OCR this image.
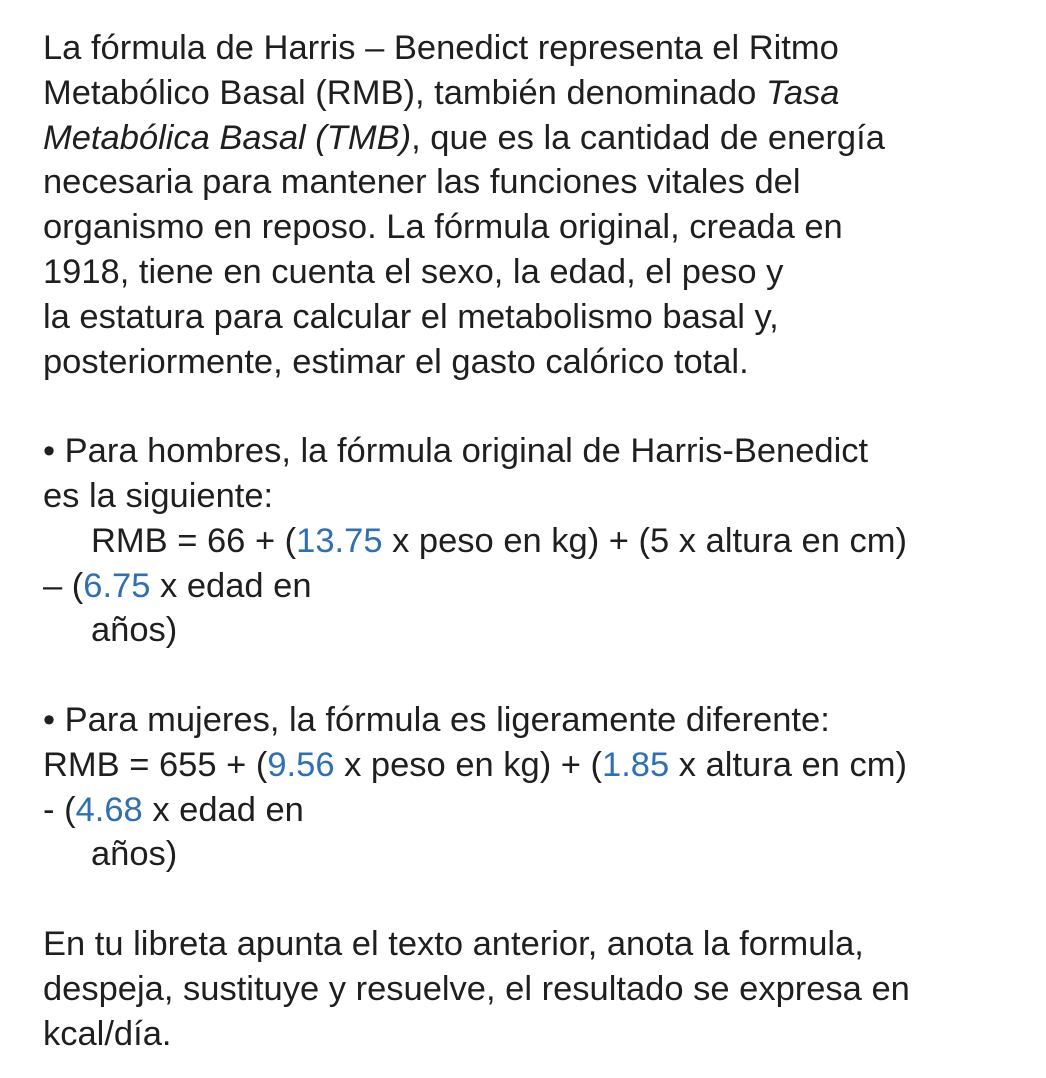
La fórmula de Harris – Benedict representa el Ritmo
Metabólico Basal (RMB), también denominado Tasa
Metabólica Basal (TMB), que es la cantidad de energía
necesaria para mantener las funciones vitales del
organismo en reposo. La fórmula original, creada en
1918, tiene en cuenta el sexo, la edad, el peso y
la estatura para calcular el metabolismo basal y,
posteriormente, estimar el gasto calórico total.
• Para hombres, la fórmula original de Harris-Benedict
es la siguiente:
RMB = 66 + (13.75 x peso en kg) + (5 x altura en cm)
– (6.75 x edad en
años)
• Para mujeres, la fórmula es ligeramente diferente:
RMB = 655 + (9.56 x peso en kg) + (1.85 x altura en cm)
- (4.68 x edad en
años)
En tu libreta apunta el texto anterior, anota la formula,
despeja, sustituye y resuelve, el resultado se expresa en
kcal/día.
